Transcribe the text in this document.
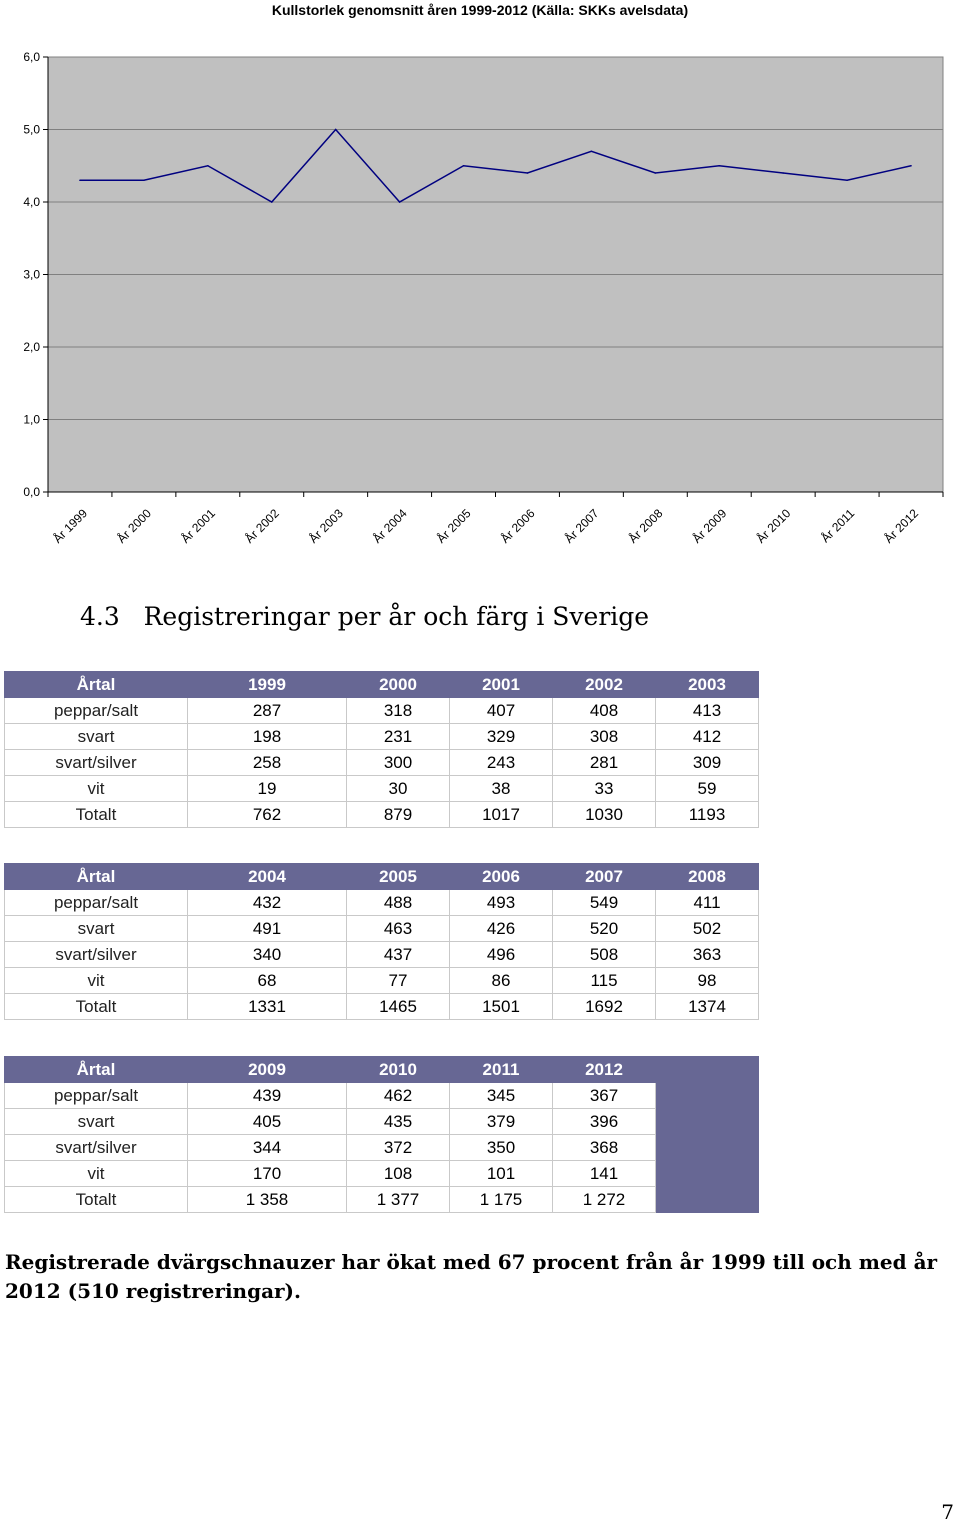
Kullstorlek genomsnitt åren 1999-2012 (Källa: SKKs avelsdata)
0,0
1,0
2,0
3,0
4,0
5,0
6,0
År 1999 År 2000 År 2001 År 2002 År 2003 År 2004 År 2005 År 2006 År 2007 År 2008 År 2009 År 2010 År 2011 År 2012
4.3   Registreringar per år och färg i Sverige
Årtal	1999	2000	2001	2002	2003
peppar/salt	287	318	407	408	413
svart	198	231	329	308	412
svart/silver	258	300	243	281	309
vit	19	30	38	33	59
Totalt	762	879	1017	1030	1193
Årtal	2004	2005	2006	2007	2008
peppar/salt	432	488	493	549	411
svart	491	463	426	520	502
svart/silver	340	437	496	508	363
vit	68	77	86	115	98
Totalt	1331	1465	1501	1692	1374
Årtal	2009	2010	2011	2012	
peppar/salt	439	462	345	367	
svart	405	435	379	396	
svart/silver	344	372	350	368	
vit	170	108	101	141	
Totalt	1 358	1 377	1 175	1 272	
Registrerade dvärgschnauzer har ökat med 67 procent från år 1999 till och med år 2012 (510 registreringar).
7
